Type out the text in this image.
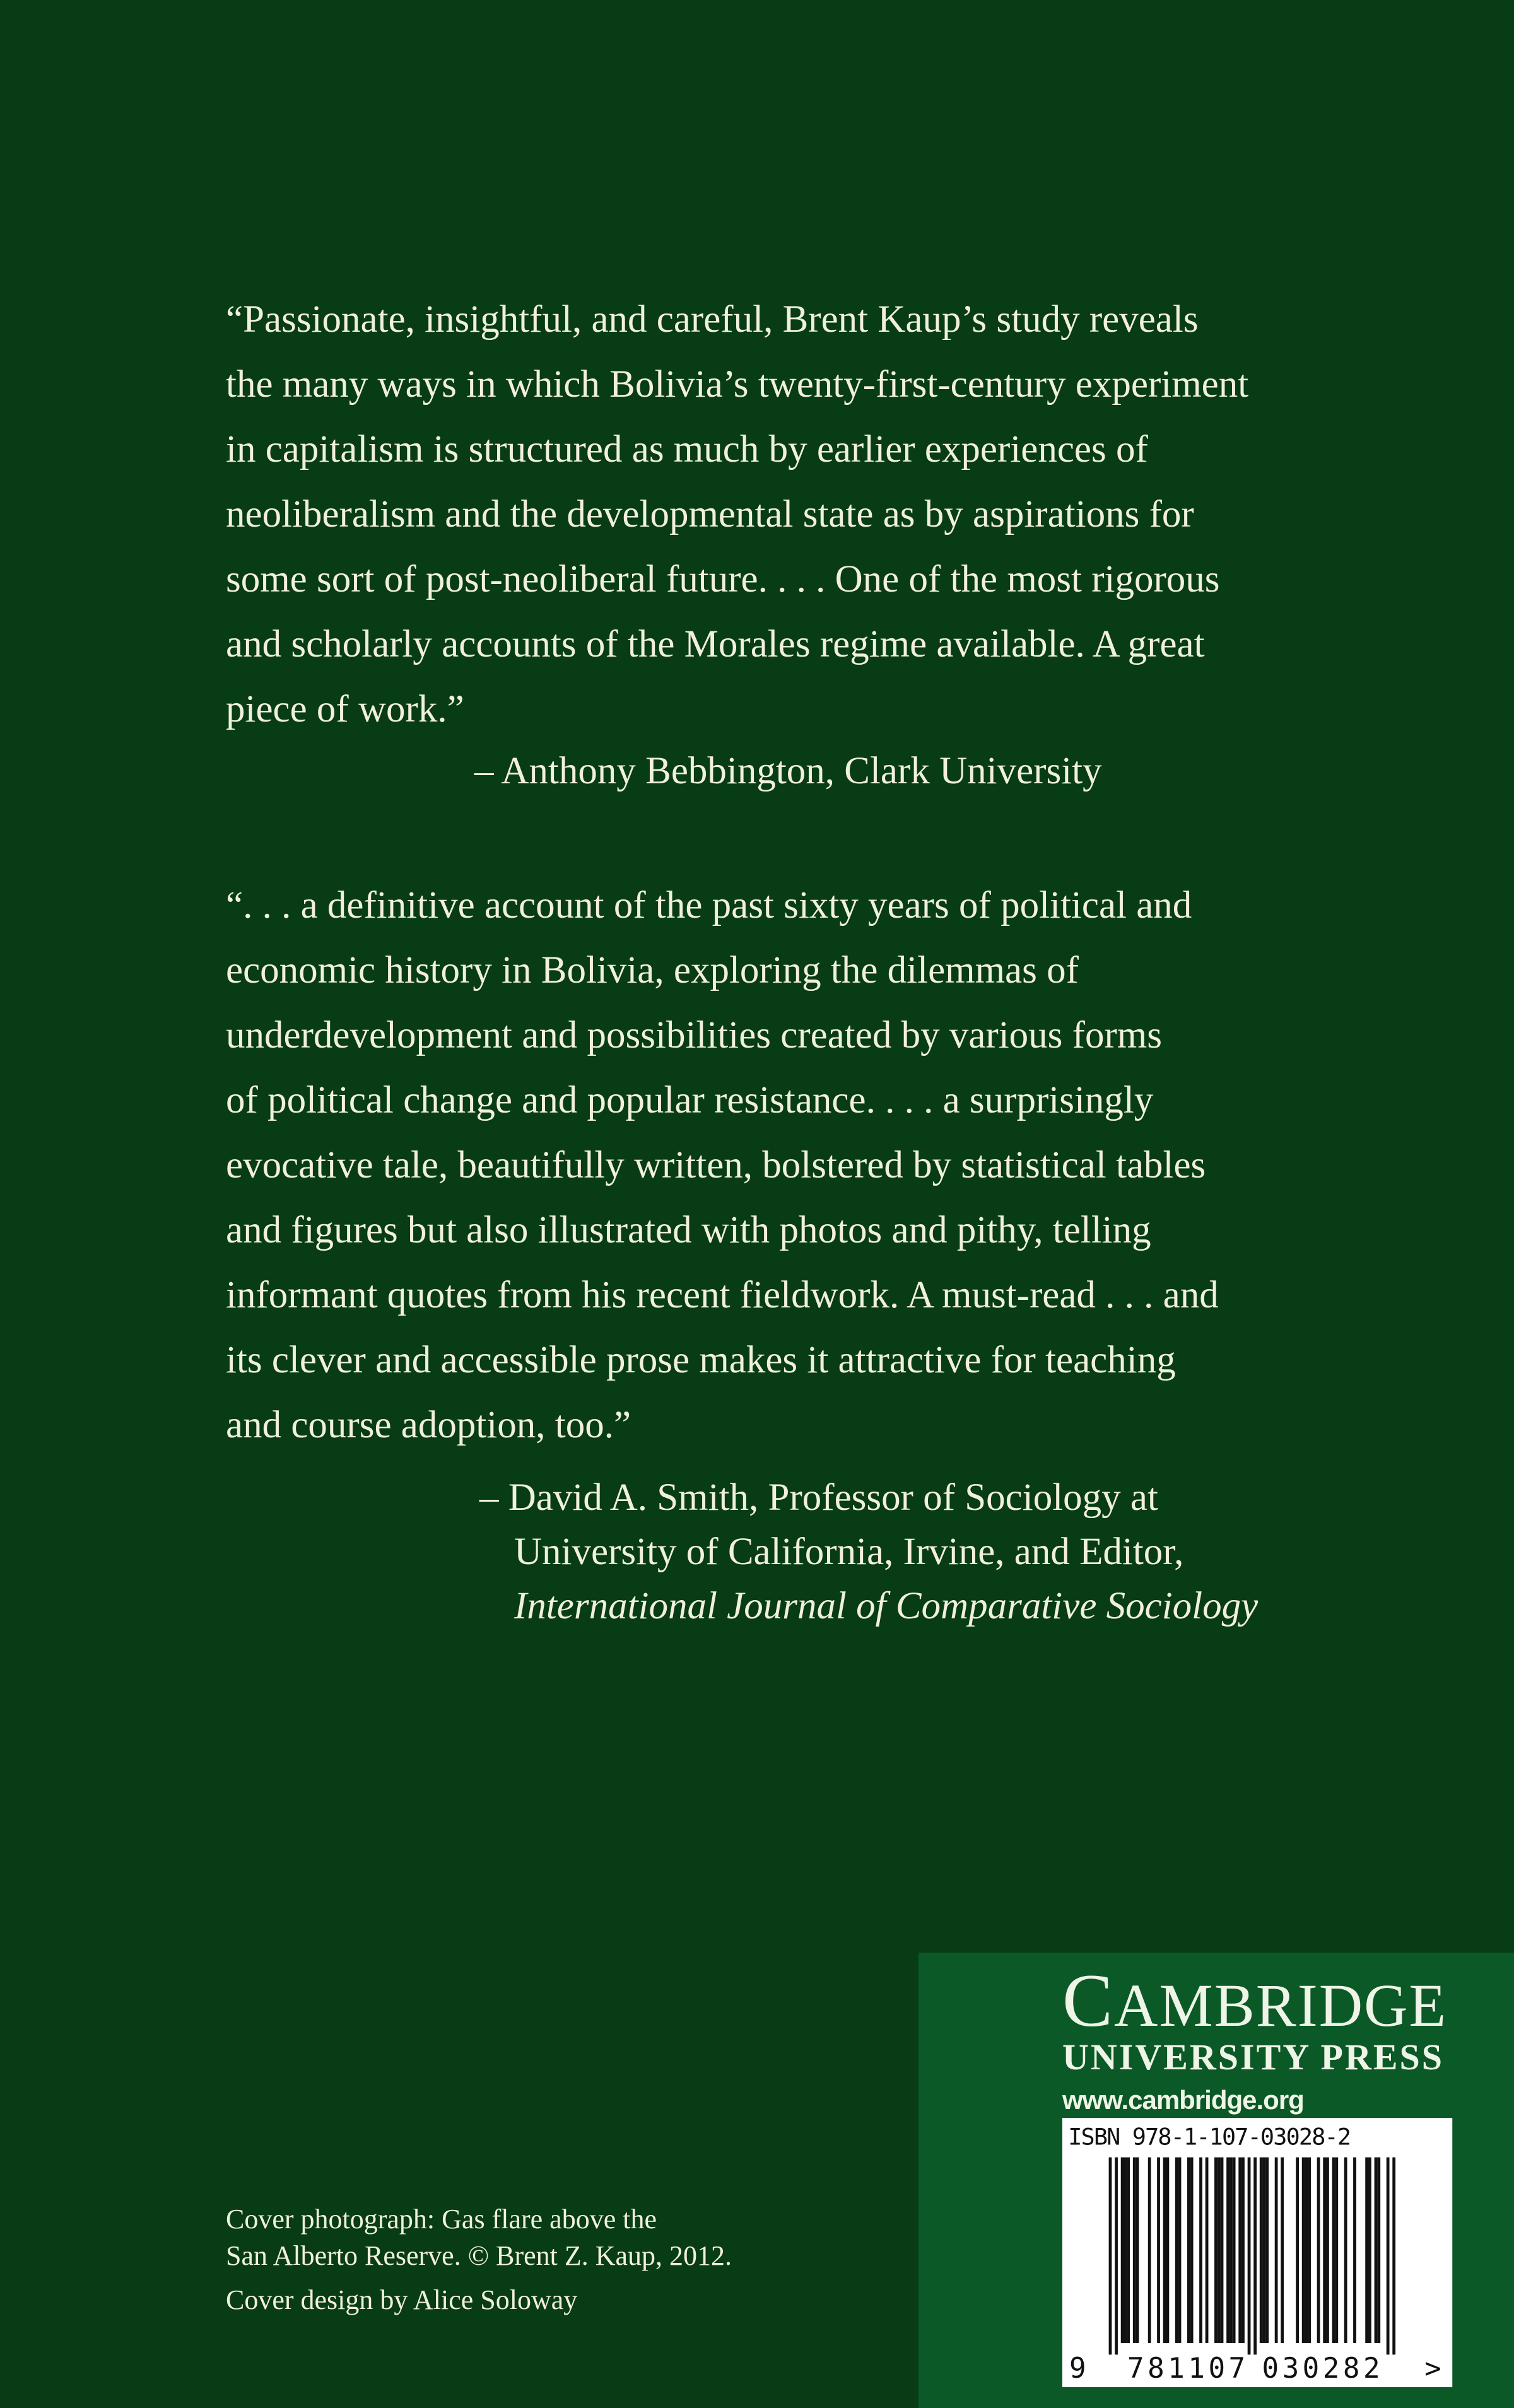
“Passionate, insightful, and careful, Brent Kaup’s study reveals
the many ways in which Bolivia’s twenty-first-century experiment
in capitalism is structured as much by earlier experiences of
neoliberalism and the developmental state as by aspirations for
some sort of post-neoliberal future. . . . One of the most rigorous
and scholarly accounts of the Morales regime available. A great
piece of work.”
– Anthony Bebbington, Clark University
“. . . a definitive account of the past sixty years of political and
economic history in Bolivia, exploring the dilemmas of
underdevelopment and possibilities created by various forms
of political change and popular resistance. . . . a surprisingly
evocative tale, beautifully written, bolstered by statistical tables
and figures but also illustrated with photos and pithy, telling
informant quotes from his recent fieldwork. A must-read . . . and
its clever and accessible prose makes it attractive for teaching
and course adoption, too.”
– David A. Smith, Professor of Sociology at
University of California, Irvine, and Editor,
International Journal of Comparative Sociology
Cover photograph: Gas flare above the
San Alberto Reserve. © Brent Z. Kaup, 2012.
Cover design by Alice Soloway
CAMBRIDGE
UNIVERSITY PRESS
www.cambridge.org
ISBN 978-1-107-03028-2
9	781107 030282	>
